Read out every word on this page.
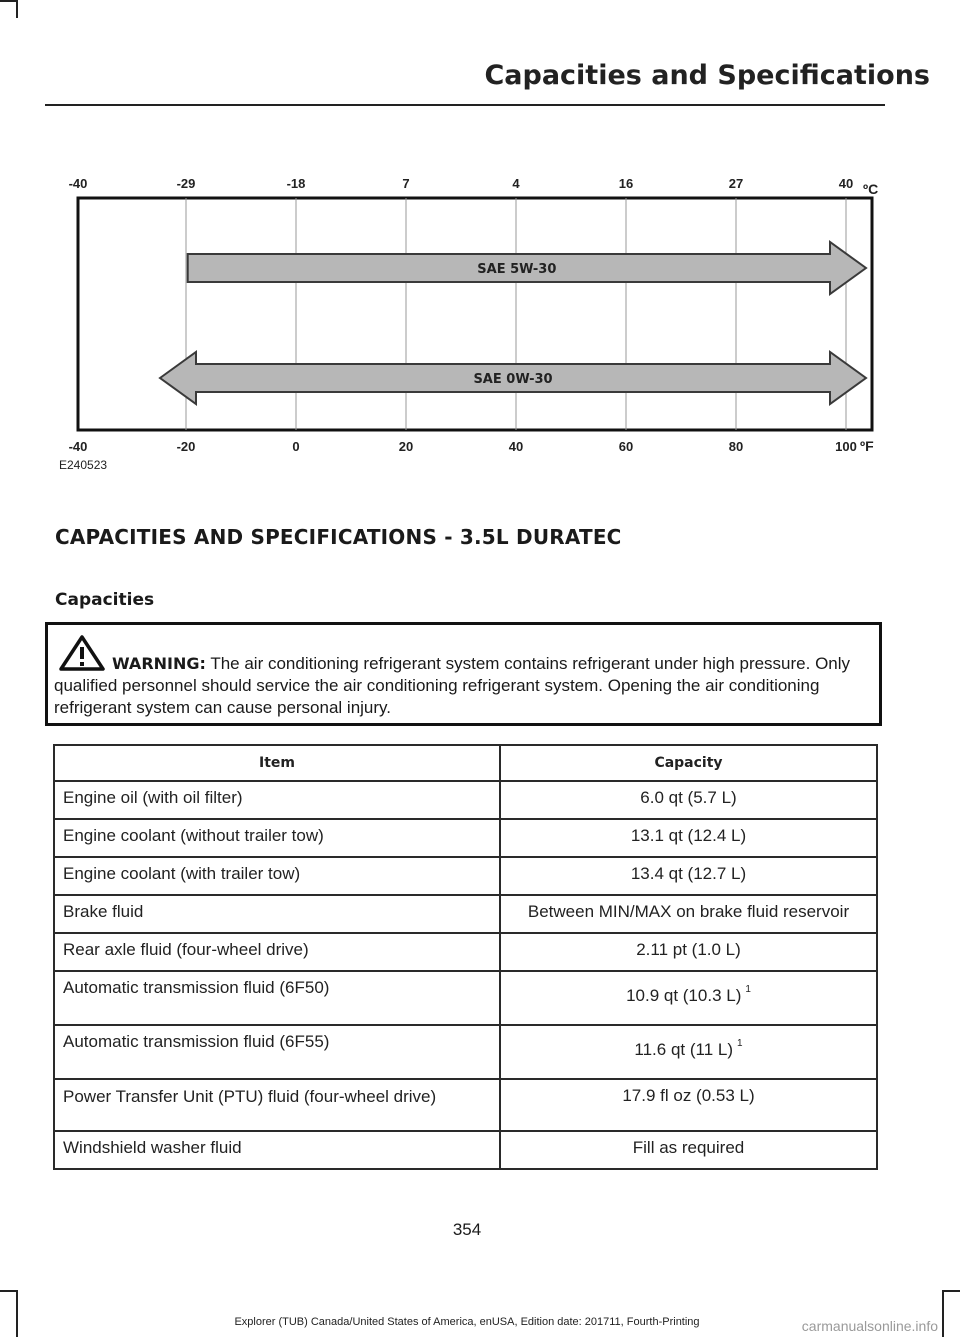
Capacities and Specifications
-40	-29	-18	7	4	16	27	40 ºC
-40	-20	0	20	40	60	80	100 ºF
SAE 5W-30
SAE 0W-30
E240523
CAPACITIES AND SPECIFICATIONS - 3.5L DURATEC
Capacities
WARNING: The air conditioning refrigerant system contains refrigerant under high pressure. Only qualified personnel should service the air conditioning refrigerant system. Opening the air conditioning refrigerant system can cause personal injury.
Item	Capacity
Engine oil (with oil filter)	6.0 qt (5.7 L)
Engine coolant (without trailer tow)	13.1 qt (12.4 L)
Engine coolant (with trailer tow)	13.4 qt (12.7 L)
Brake fluid	Between MIN/MAX on brake fluid reservoir
Rear axle fluid (four-wheel drive)	2.11 pt (1.0 L)
Automatic transmission fluid (6F50)	10.9 qt (10.3 L) $^1$
Automatic transmission fluid (6F55)	11.6 qt (11 L) $^1$
Power Transfer Unit (PTU) fluid (four-wheel drive)	17.9 fl oz (0.53 L)
Windshield washer fluid	Fill as required
354
Explorer (TUB) Canada/United States of America, enUSA, Edition date: 201711, Fourth-Printing	carmanualsonline.info
